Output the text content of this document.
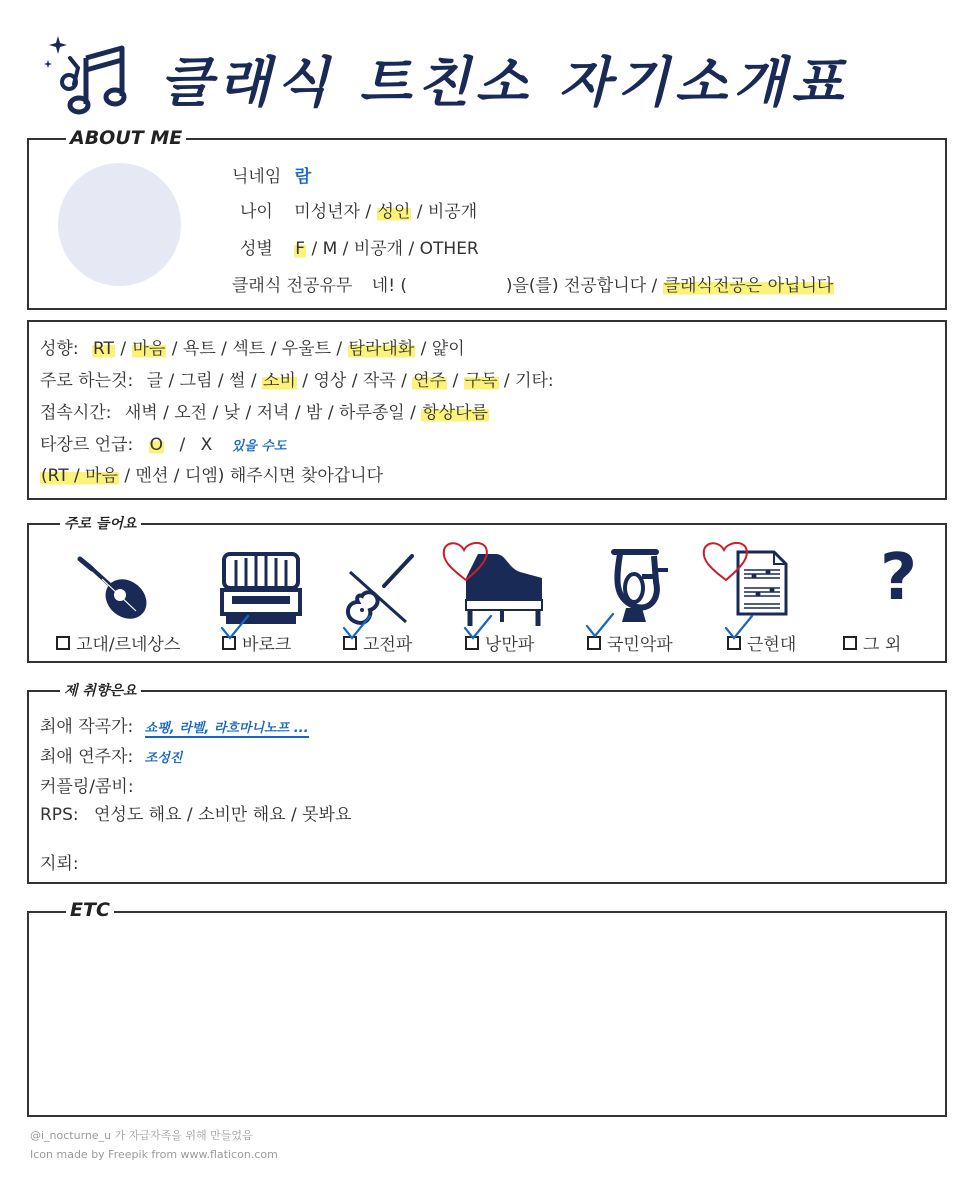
클래식 트친소 자기소개표
ABOUT ME
닉네임 람
나이 미성년자 / 성인 / 비공개
성별 F / M / 비공개 / OTHER
클래식 전공유무 네! (	)을(를) 전공합니다 / 클래식전공은 아닙니다
성향: RT / 마음 / 욕트 / 섹트 / 우울트 / 탐라대화 / 얉이
주로 하는것: 글 / 그림 / 썰 / 소비 / 영상 / 작곡 / 연주 / 구독 / 기타:
접속시간: 새벽 / 오전 / 낮 / 저녁 / 밤 / 하루종일 / 항상다름
타장르 언급: O / X 있을 수도
(RT / 마음 / 멘션 / 디엠) 해주시면 찾아갑니다
주로 들어요
고대/르네상스	바로크	고전파	낭만파	국민악파	근현대
?
그 외
제 취향은요
최애 작곡가: 쇼팽, 라벨, 라흐마니노프 ...
최애 연주자: 조성진
커플링/콤비:
RPS: 연성도 해요 / 소비만 해요 / 못봐요
지뢰:
ETC
@i_nocturne_u 가 자급자족을 위해 만들었음
Icon made by Freepik from www.flaticon.com
